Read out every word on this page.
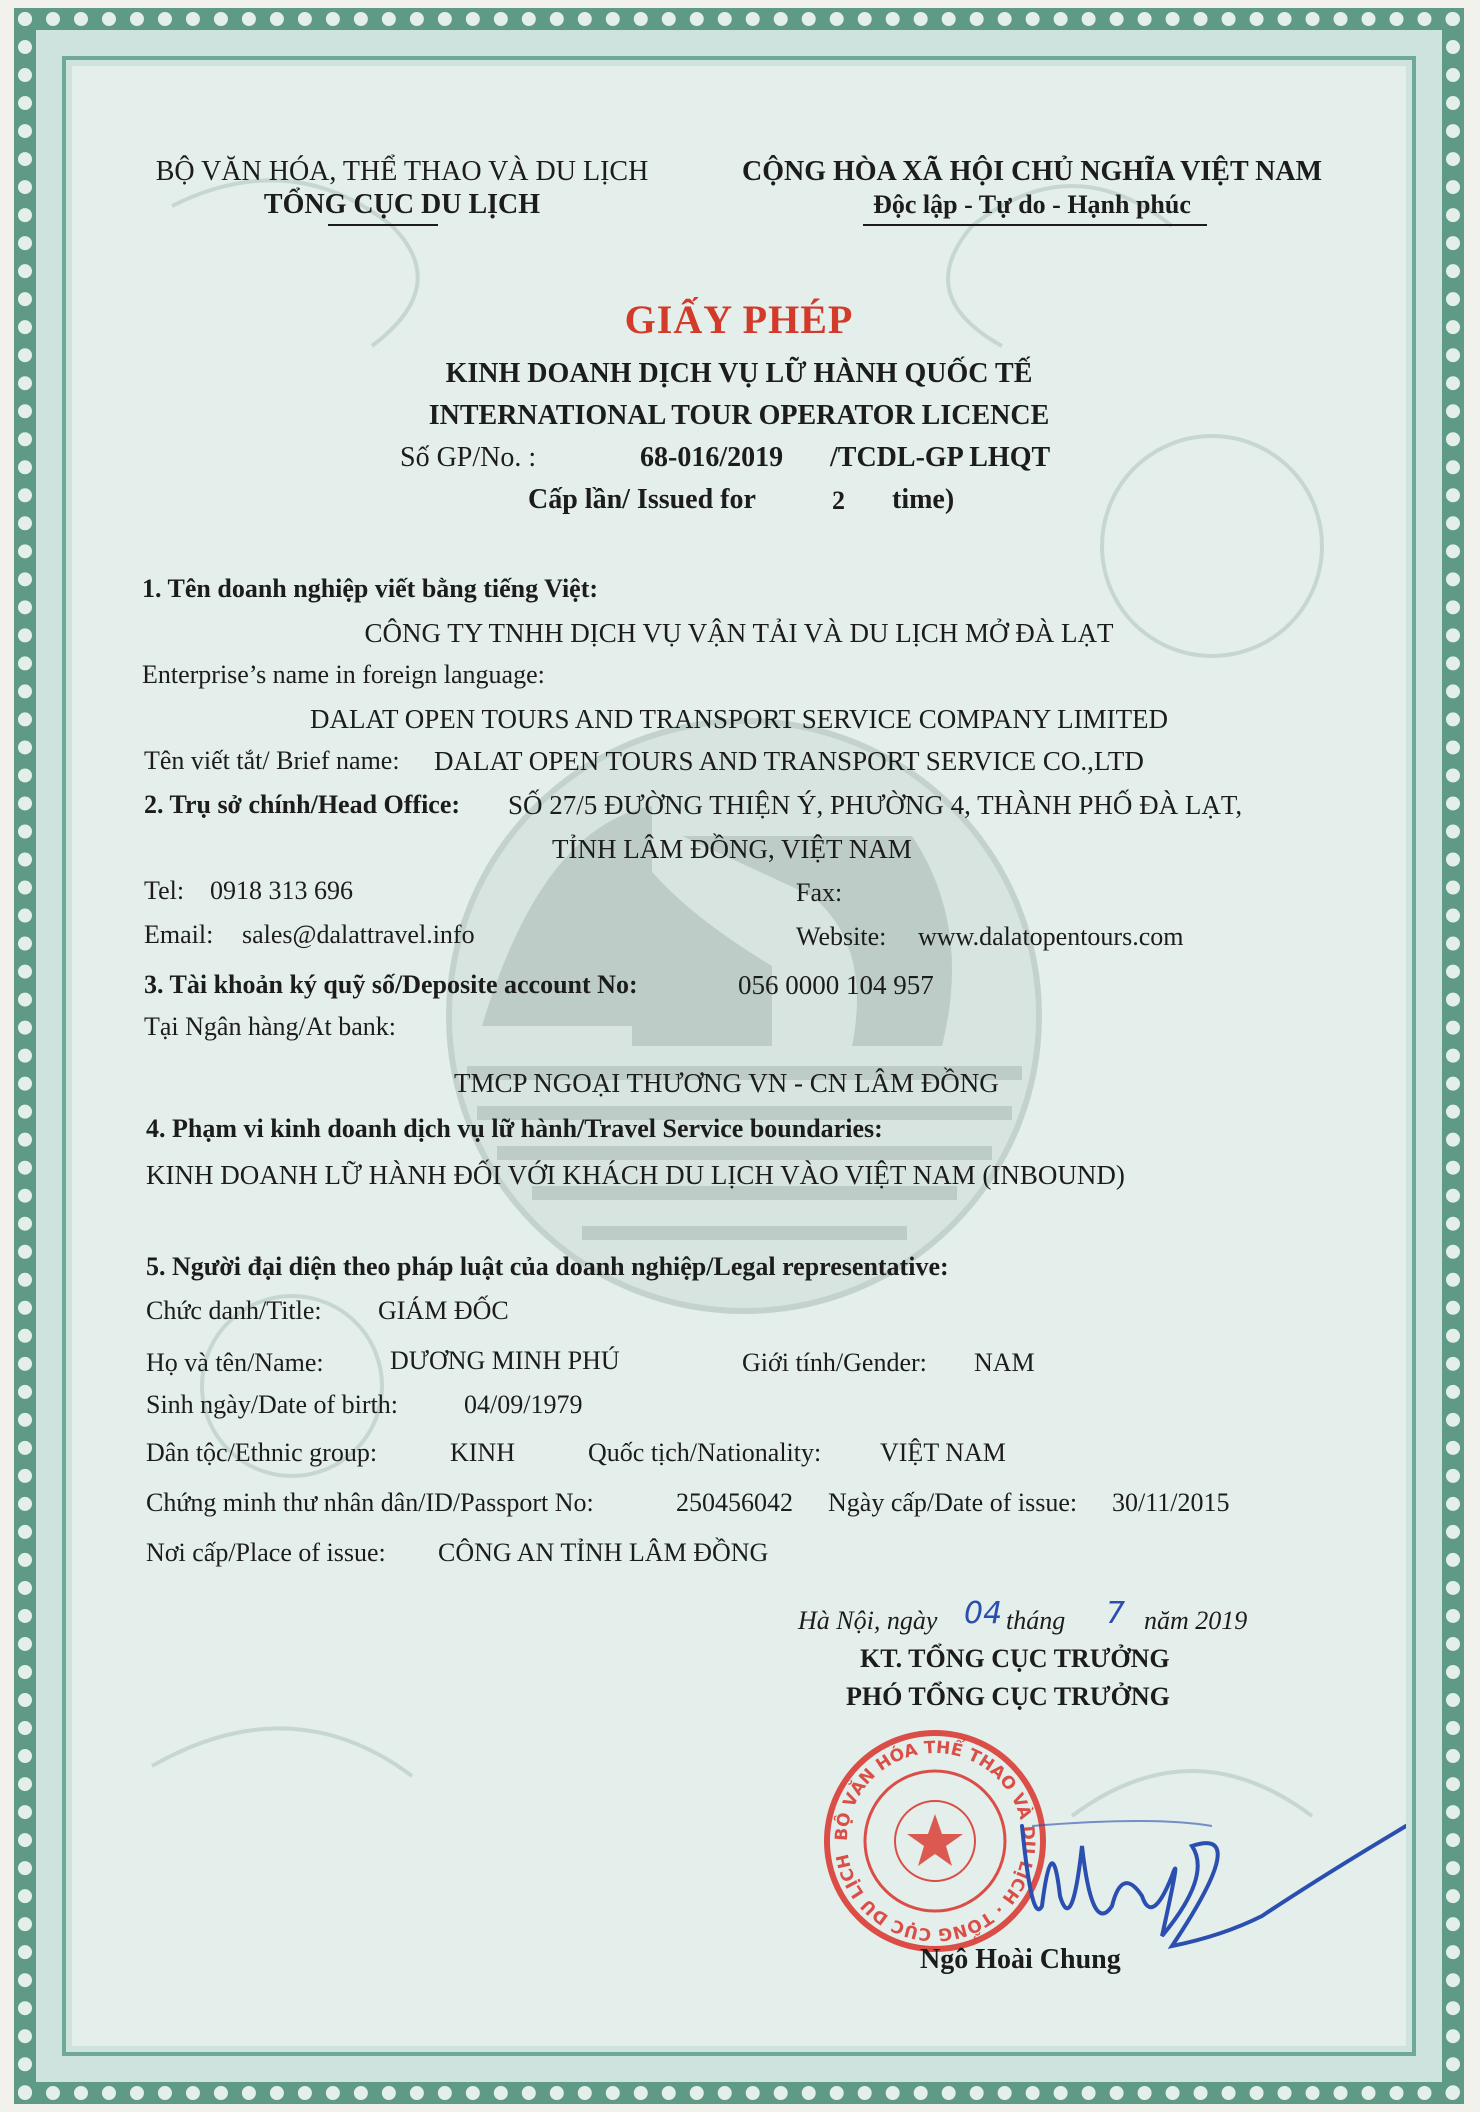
BỘ VĂN HÓA, THỂ THAO VÀ DU LỊCH
TỔNG CỤC DU LỊCH
CỘNG HÒA XÃ HỘI CHỦ NGHĨA VIỆT NAM
Độc lập - Tự do - Hạnh phúc
GIẤY PHÉP
KINH DOANH DỊCH VỤ LỮ HÀNH QUỐC TẾ
INTERNATIONAL TOUR OPERATOR LICENCE
Số GP/No. :	68-016/2019 /TCDL-GP LHQT
Cấp lần/ Issued for	2 time)
1. Tên doanh nghiệp viết bằng tiếng Việt:
CÔNG TY TNHH DỊCH VỤ VẬN TẢI VÀ DU LỊCH MỞ ĐÀ LẠT
Enterprise’s name in foreign language:
DALAT OPEN TOURS AND TRANSPORT SERVICE COMPANY LIMITED
Tên viết tắt/ Brief name: DALAT OPEN TOURS AND TRANSPORT SERVICE CO.,LTD
2. Trụ sở chính/Head Office: SỐ 27/5 ĐƯỜNG THIỆN Ý, PHƯỜNG 4, THÀNH PHỐ ĐÀ LẠT,
TỈNH LÂM ĐỒNG, VIỆT NAM
Tel: 0918 313 696	Fax:
Email: sales@dalattravel.info	Website: www.dalatopentours.com
3. Tài khoản ký quỹ số/Deposite account No:	056 0000 104 957
Tại Ngân hàng/At bank:
TMCP NGOẠI THƯƠNG VN - CN LÂM ĐỒNG
4. Phạm vi kinh doanh dịch vụ lữ hành/Travel Service boundaries:
KINH DOANH LỮ HÀNH ĐỐI VỚI KHÁCH DU LỊCH VÀO VIỆT NAM (INBOUND)
5. Người đại diện theo pháp luật của doanh nghiệp/Legal representative:
Chức danh/Title: GIÁM ĐỐC
Họ và tên/Name:	DƯƠNG MINH PHÚ	Giới tính/Gender: NAM
Sinh ngày/Date of birth:	04/09/1979
Dân tộc/Ethnic group:	KINH	Quốc tịch/Nationality: VIỆT NAM
Chứng minh thư nhân dân/ID/Passport No:	250456042 Ngày cấp/Date of issue: 30/11/2015
Nơi cấp/Place of issue: CÔNG AN TỈNH LÂM ĐỒNG
Hà Nội, ngày 04 tháng 7 năm 2019
KT. TỔNG CỤC TRƯỞNG
PHÓ TỔNG CỤC TRƯỞNG
BỘ VĂN HÓA THỂ THAO VÀ DU LỊCH · TỔNG CỤC DU LỊCH
Ngô Hoài Chung
